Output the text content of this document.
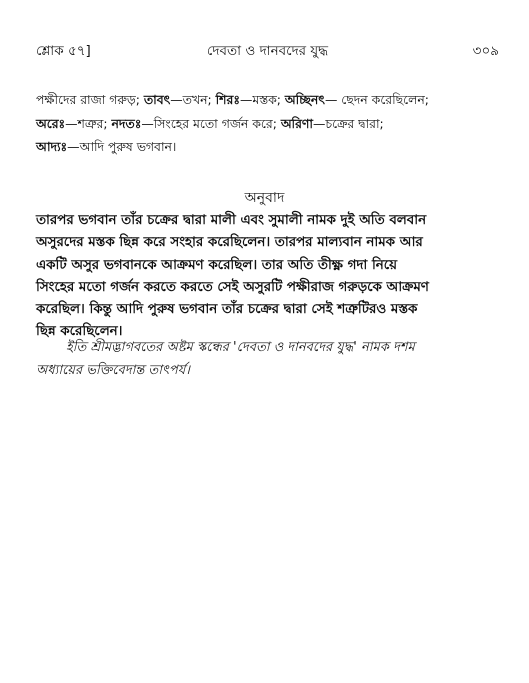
শ্লোক ৫৭]	দেবতা ও দানবদের যুদ্ধ	৩০৯
পক্ষীদের রাজা গরুড়; তাবৎ—তখন; শিরঃ—মস্তক; অচ্ছিনৎ— ছেদন করেছিলেন;
অরেঃ—শত্রুর; নদতঃ—সিংহের মতো গর্জন করে; অরিণা—চক্রের দ্বারা;
আদ্যঃ—আদি পুরুষ ভগবান।
অনুবাদ
তারপর ভগবান তাঁর চক্রের দ্বারা মালী এবং সুমালী নামক দুই অতি বলবান
অসুরদের মস্তক ছিন্ন করে সংহার করেছিলেন। তারপর মাল্যবান নামক আর
একটি অসুর ভগবানকে আক্রমণ করেছিল। তার অতি তীক্ষ্ণ গদা নিয়ে
সিংহের মতো গর্জন করতে করতে সেই অসুরটি পক্ষীরাজ গরুড়কে আক্রমণ
করেছিল। কিন্তু আদি পুরুষ ভগবান তাঁর চক্রের দ্বারা সেই শত্রুটিরও মস্তক
ছিন্ন করেছিলেন।
ইতি শ্রীমদ্ভাগবতের অষ্টম স্কন্ধের 'দেবতা ও দানবদের যুদ্ধ' নামক দশম
অধ্যায়ের ভক্তিবেদান্ত তাৎপর্য।
